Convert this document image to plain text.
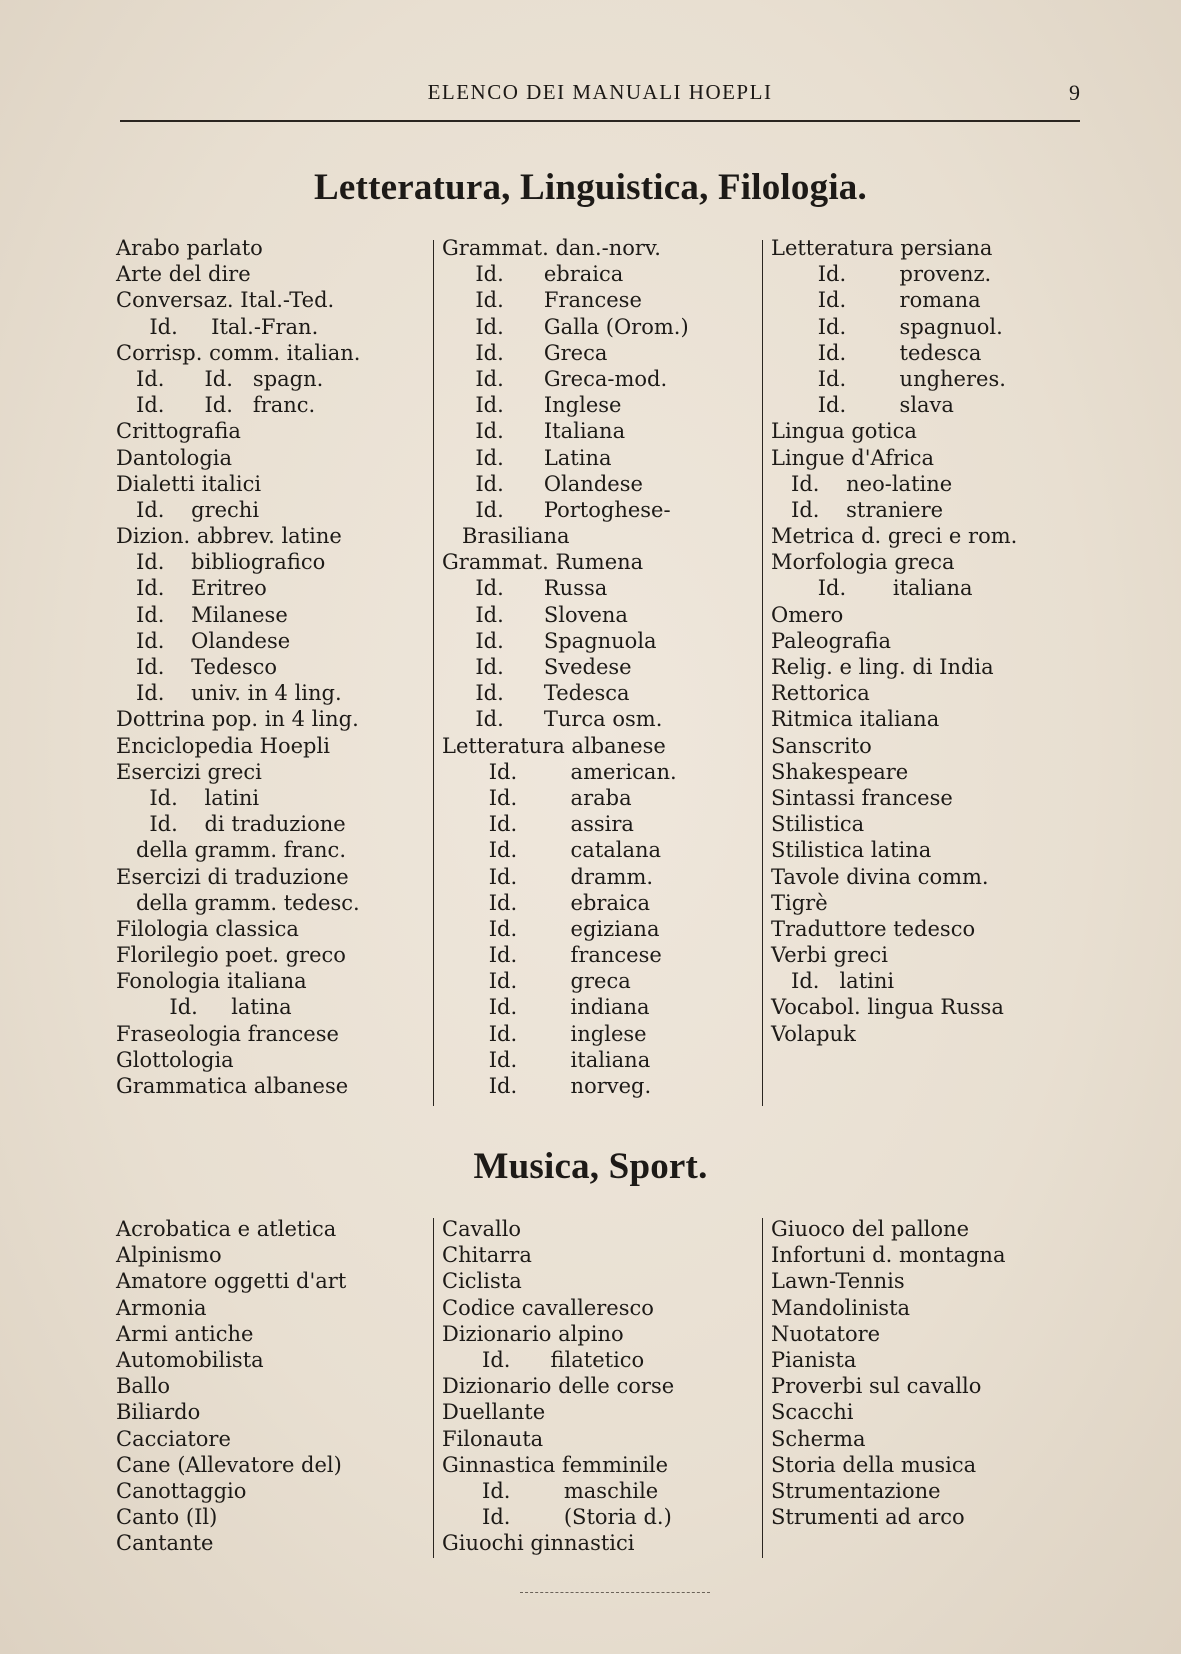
ELENCO DEI MANUALI HOEPLI	9
Letteratura, Linguistica, Filologia.
Arabo parlato
Arte del dire
Conversaz. Ital.-Ted.
Id.     Ital.-Fran.
Corrisp. comm. italian.
Id.      Id.   spagn.
Id.      Id.   franc.
Crittografia
Dantologia
Dialetti italici
Id.    grechi
Dizion. abbrev. latine
Id.    bibliografico
Id.    Eritreo
Id.    Milanese
Id.    Olandese
Id.    Tedesco
Id.    univ. in 4 ling.
Dottrina pop. in 4 ling.
Enciclopedia Hoepli
Esercizi greci
Id.    latini
Id.    di traduzione
della gramm. franc.
Esercizi di traduzione
della gramm. tedesc.
Filologia classica
Florilegio poet. greco
Fonologia italiana
Id.     latina
Fraseologia francese
Glottologia
Grammatica albanese
Grammat. dan.-norv.
Id.      ebraica
Id.      Francese
Id.      Galla (Orom.)
Id.      Greca
Id.      Greca-mod.
Id.      Inglese
Id.      Italiana
Id.      Latina
Id.      Olandese
Id.      Portoghese-
Brasiliana
Grammat. Rumena
Id.      Russa
Id.      Slovena
Id.      Spagnuola
Id.      Svedese
Id.      Tedesca
Id.      Turca osm.
Letteratura albanese
Id.        american.
Id.        araba
Id.        assira
Id.        catalana
Id.        dramm.
Id.        ebraica
Id.        egiziana
Id.        francese
Id.        greca
Id.        indiana
Id.        inglese
Id.        italiana
Id.        norveg.
Letteratura persiana
Id.        provenz.
Id.        romana
Id.        spagnuol.
Id.        tedesca
Id.        ungheres.
Id.        slava
Lingua gotica
Lingue d'Africa
Id.    neo-latine
Id.    straniere
Metrica d. greci e rom.
Morfologia greca
Id.       italiana
Omero
Paleografia
Relig. e ling. di India
Rettorica
Ritmica italiana
Sanscrito
Shakespeare
Sintassi francese
Stilistica
Stilistica latina
Tavole divina comm.
Tigrè
Traduttore tedesco
Verbi greci
Id.   latini
Vocabol. lingua Russa
Volapuk
Musica, Sport.
Acrobatica e atletica
Alpinismo
Amatore oggetti d'art
Armonia
Armi antiche
Automobilista
Ballo
Biliardo
Cacciatore
Cane (Allevatore del)
Canottaggio
Canto (Il)
Cantante
Cavallo
Chitarra
Ciclista
Codice cavalleresco
Dizionario alpino
Id.      filatetico
Dizionario delle corse
Duellante
Filonauta
Ginnastica femminile
Id.        maschile
Id.        (Storia d.)
Giuochi ginnastici
Giuoco del pallone
Infortuni d. montagna
Lawn-Tennis
Mandolinista
Nuotatore
Pianista
Proverbi sul cavallo
Scacchi
Scherma
Storia della musica
Strumentazione
Strumenti ad arco
